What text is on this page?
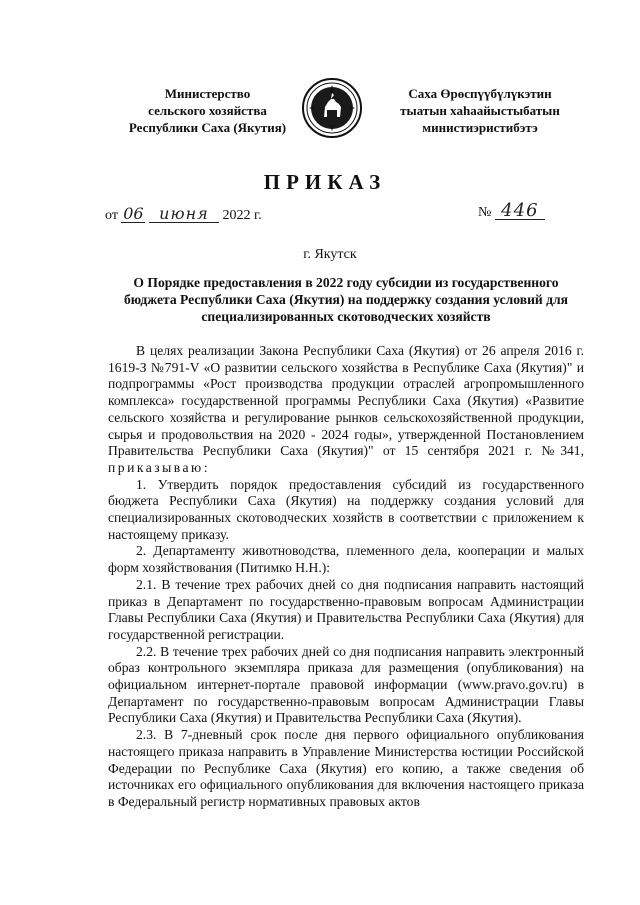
Министерство
сельского хозяйства
Республики Саха (Якутия)
Саха Өрөспүүбүлүкэтин
тыатын хаһаайыстыбатын
министиэристибэтэ
ПРИКАЗ
от 06 июня 2022 г.	№ 446
г. Якутск
О Порядке предоставления в 2022 году субсидии из государственного бюджета Республики Саха (Якутия) на поддержку создания условий для специализированных скотоводческих хозяйств

В целях реализации Закона Республики Саха (Якутия) от 26 апреля 2016 г. 1619-З №791-V «О развитии сельского хозяйства в Республике Саха (Якутия)" и подпрограммы «Рост производства продукции отраслей агропромышленного комплекса» государственной программы Республики Саха (Якутия) «Развитие сельского хозяйства и регулирование рынков сельскохозяйственной продукции, сырья и продовольствия на 2020 - 2024 годы», утвержденной Постановлением Правительства Республики Саха (Якутия)" от 15 сентября 2021 г. №341, приказываю:

1. Утвердить порядок предоставления субсидий из государственного бюджета Республики Саха (Якутия) на поддержку создания условий для специализированных скотоводческих хозяйств в соответствии с приложением к настоящему приказу.

2. Департаменту животноводства, племенного дела, кооперации и малых форм хозяйствования (Питимко Н.Н.):

2.1. В течение трех рабочих дней со дня подписания направить настоящий приказ в Департамент по государственно-правовым вопросам Администрации Главы Республики Саха (Якутия) и Правительства Республики Саха (Якутия) для государственной регистрации.

2.2. В течение трех рабочих дней со дня подписания направить электронный образ контрольного экземпляра приказа для размещения (опубликования) на официальном интернет-портале правовой информации (www.pravo.gov.ru) в Департамент по государственно-правовым вопросам Администрации Главы Республики Саха (Якутия) и Правительства Республики Саха (Якутия).

2.3. В 7-дневный срок после дня первого официального опубликования настоящего приказа направить в Управление Министерства юстиции Российской Федерации по Республике Саха (Якутия) его копию, а также сведения об источниках его официального опубликования для включения настоящего приказа в Федеральный регистр нормативных правовых актов
